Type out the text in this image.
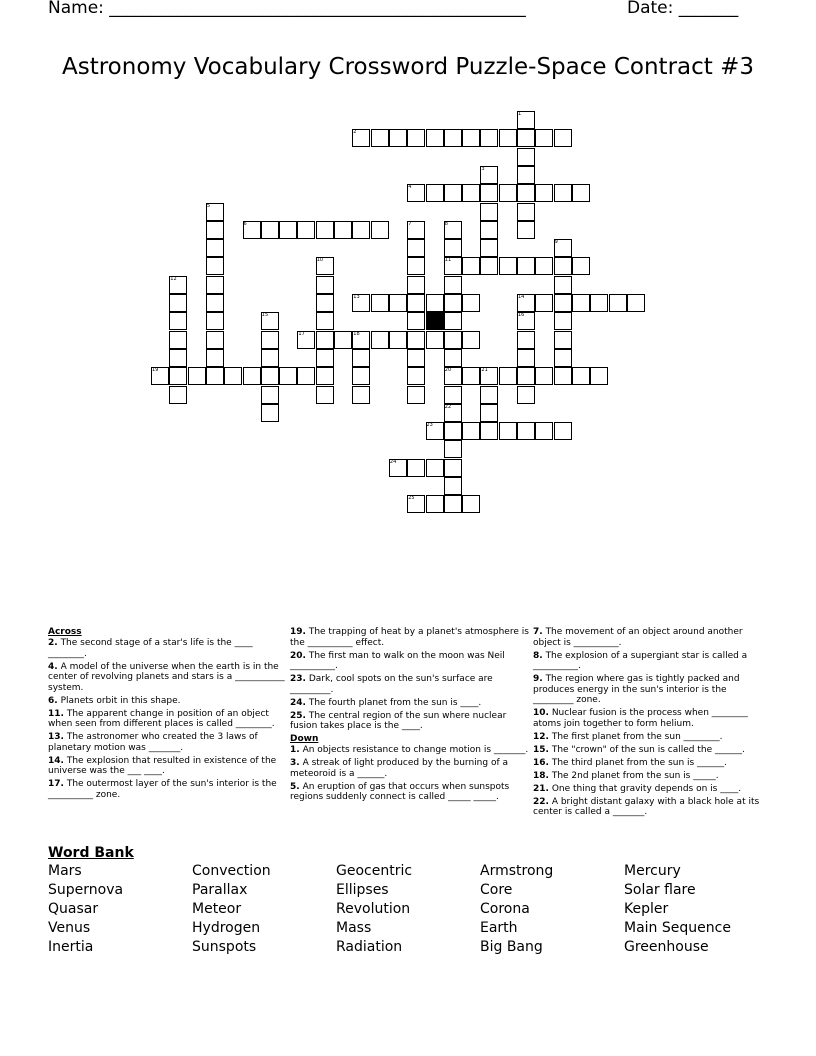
Name: _________________________________________________	Date: _______
Astronomy Vocabulary Crossword Puzzle-Space Contract #3
2
4
6
11
13	14
17	18
19	20	21
23
24
25
1
3
5
7	8
9
10
12
15	16
22
Across
2. The second stage of a star's life is the ____ ________.
4. A model of the universe when the earth is in the center of revolving planets and stars is a ___________ system.
6. Planets orbit in this shape.
11. The apparent change in position of an object when seen from different places is called ________.
13. The astronomer who created the 3 laws of planetary motion was _______.
14. The explosion that resulted in existence of the universe was the ___ ____.
17. The outermost layer of the sun's interior is the __________ zone.
19. The trapping of heat by a planet's atmosphere is the __________ effect.
20. The first man to walk on the moon was Neil __________.
23. Dark, cool spots on the sun's surface are _________.
24. The fourth planet from the sun is ____.
25. The central region of the sun where nuclear fusion takes place is the ____.
Down
1. An objects resistance to change motion is _______.
3. A streak of light produced by the burning of a meteoroid is a ______.
5. An eruption of gas that occurs when sunspots regions suddenly connect is called _____ _____.
7. The movement of an object around another object is __________.
8. The explosion of a supergiant star is called a __________.
9. The region where gas is tightly packed and produces energy in the sun's interior is the _________ zone.
10. Nuclear fusion is the process when ________ atoms join together to form helium.
12. The first planet from the sun ________.
15. The "crown" of the sun is called the ______.
16. The third planet from the sun is ______.
18. The 2nd planet from the sun is _____.
21. One thing that gravity depends on is ____.
22. A bright distant galaxy with a black hole at its center is called a _______.
Word Bank
Mars
Supernova
Quasar
Venus
Inertia
Convection
Parallax
Meteor
Hydrogen
Sunspots
Geocentric
Ellipses
Revolution
Mass
Radiation
Armstrong
Core
Corona
Earth
Big Bang
Mercury
Solar flare
Kepler
Main Sequence
Greenhouse
